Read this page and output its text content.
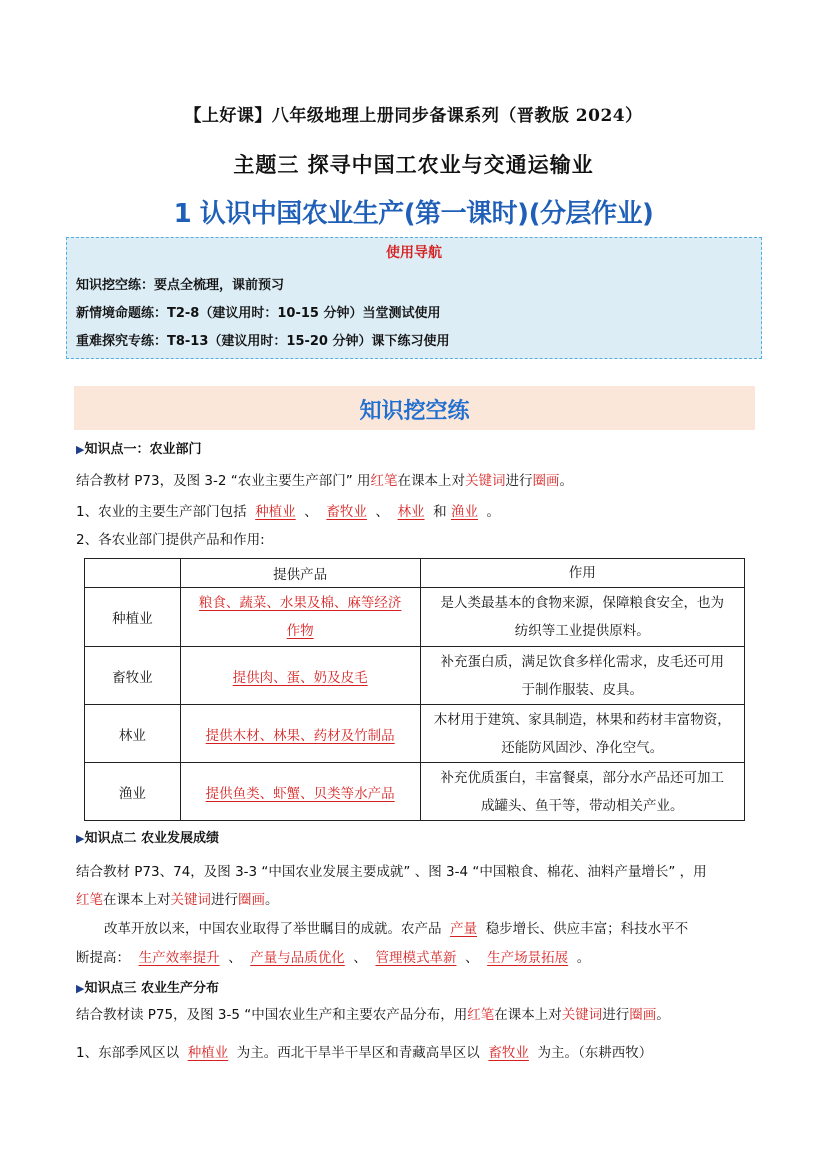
【上好课】八年级地理上册同步备课系列（晋教版 2024）
主题三 探寻中国工农业与交通运输业
1 认识中国农业生产(第一课时)(分层作业)
使用导航
知识挖空练：要点全梳理，课前预习
新情境命题练：T2-8（建议用时：10-15 分钟）当堂测试使用
重难探究专练：T8-13（建议用时：15-20 分钟）课下练习使用
知识挖空练
▶知识点一：农业部门
结合教材 P73，及图 3-2 “农业主要生产部门” 用红笔在课本上对关键词进行圈画。
1、农业的主要生产部门包括 种植业 、 畜牧业 、 林业 和 渔业 。
2、各农业部门提供产品和作用:
	提供产品	作用
种植业	粮食、蔬菜、水果及棉、麻等经济
作物	是人类最基本的食物来源，保障粮食安全，也为
纺织等工业提供原料。
畜牧业	提供肉、蛋、奶及皮毛	补充蛋白质，满足饮食多样化需求，皮毛还可用
于制作服装、皮具。
林业	提供木材、林果、药材及竹制品	木材用于建筑、家具制造，林果和药材丰富物资，
还能防风固沙、净化空气。
渔业	提供鱼类、虾蟹、贝类等水产品	补充优质蛋白，丰富餐桌，部分水产品还可加工
成罐头、鱼干等，带动相关产业。
▶知识点二 农业发展成绩
结合教材 P73、74，及图 3-3 “中国农业发展主要成就” 、图 3-4 “中国粮食、棉花、油料产量增长” ，用
红笔在课本上对关键词进行圈画。
改革开放以来，中国农业取得了举世瞩目的成就。农产品 产量 稳步增长、供应丰富；科技水平不
断提高： 生产效率提升 、 产量与品质优化 、 管理模式革新 、 生产场景拓展 。
▶知识点三 农业生产分布
结合教材读 P75，及图 3-5 “中国农业生产和主要农产品分布，用红笔在课本上对关键词进行圈画。
1、东部季风区以 种植业 为主。西北干旱半干旱区和青藏高旱区以 畜牧业 为主。（东耕西牧）
